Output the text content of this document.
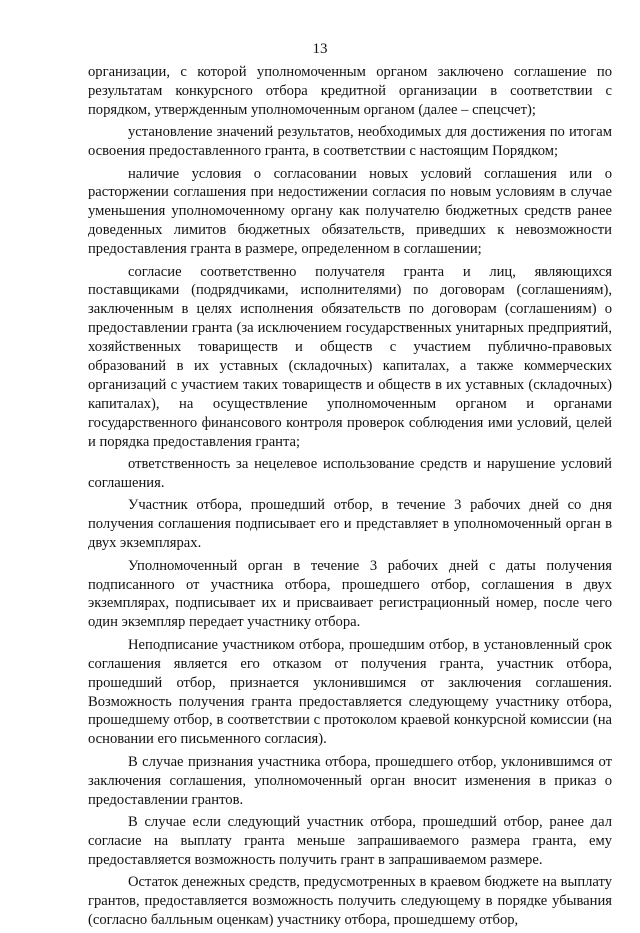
13

организации, с которой уполномоченным органом заключено соглашение по результатам конкурсного отбора кредитной организации в соответствии с порядком, утвержденным уполномоченным органом (далее – спецсчет);

установление значений результатов, необходимых для достижения по итогам освоения предоставленного гранта, в соответствии с настоящим Порядком;

наличие условия о согласовании новых условий соглашения или о расторжении соглашения при недостижении согласия по новым условиям в случае уменьшения уполномоченному органу как получателю бюджетных средств ранее доведенных лимитов бюджетных обязательств, приведших к невозможности предоставления гранта в размере, определенном в соглашении;

согласие соответственно получателя гранта и лиц, являющихся поставщиками (подрядчиками, исполнителями) по договорам (соглашениям), заключенным в целях исполнения обязательств по договорам (соглашениям) о предоставлении гранта (за исключением государственных унитарных предприятий, хозяйственных товариществ и обществ с участием публично-правовых образований в их уставных (складочных) капиталах, а также коммерческих организаций с участием таких товариществ и обществ в их уставных (складочных) капиталах), на осуществление уполномоченным органом и органами государственного финансового контроля проверок соблюдения ими условий, целей и порядка предоставления гранта;

ответственность за нецелевое использование средств и нарушение условий соглашения.

Участник отбора, прошедший отбор, в течение 3 рабочих дней со дня получения соглашения подписывает его и представляет в уполномоченный орган в двух экземплярах.

Уполномоченный орган в течение 3 рабочих дней с даты получения подписанного от участника отбора, прошедшего отбор, соглашения в двух экземплярах, подписывает их и присваивает регистрационный номер, после чего один экземпляр передает участнику отбора.

Неподписание участником отбора, прошедшим отбор, в установленный срок соглашения является его отказом от получения гранта, участник отбора, прошедший отбор, признается уклонившимся от заключения соглашения. Возможность получения гранта предоставляется следующему участнику отбора, прошедшему отбор, в соответствии с протоколом краевой конкурсной комиссии (на основании его письменного согласия).

В случае признания участника отбора, прошедшего отбор, уклонившимся от заключения соглашения, уполномоченный орган вносит изменения в приказ о предоставлении грантов.

В случае если следующий участник отбора, прошедший отбор, ранее дал согласие на выплату гранта меньше запрашиваемого размера гранта, ему предоставляется возможность получить грант в запрашиваемом размере.

Остаток денежных средств, предусмотренных в краевом бюджете на выплату грантов, предоставляется возможность получить следующему в порядке убывания (согласно балльным оценкам) участнику отбора, прошедшему отбор,
